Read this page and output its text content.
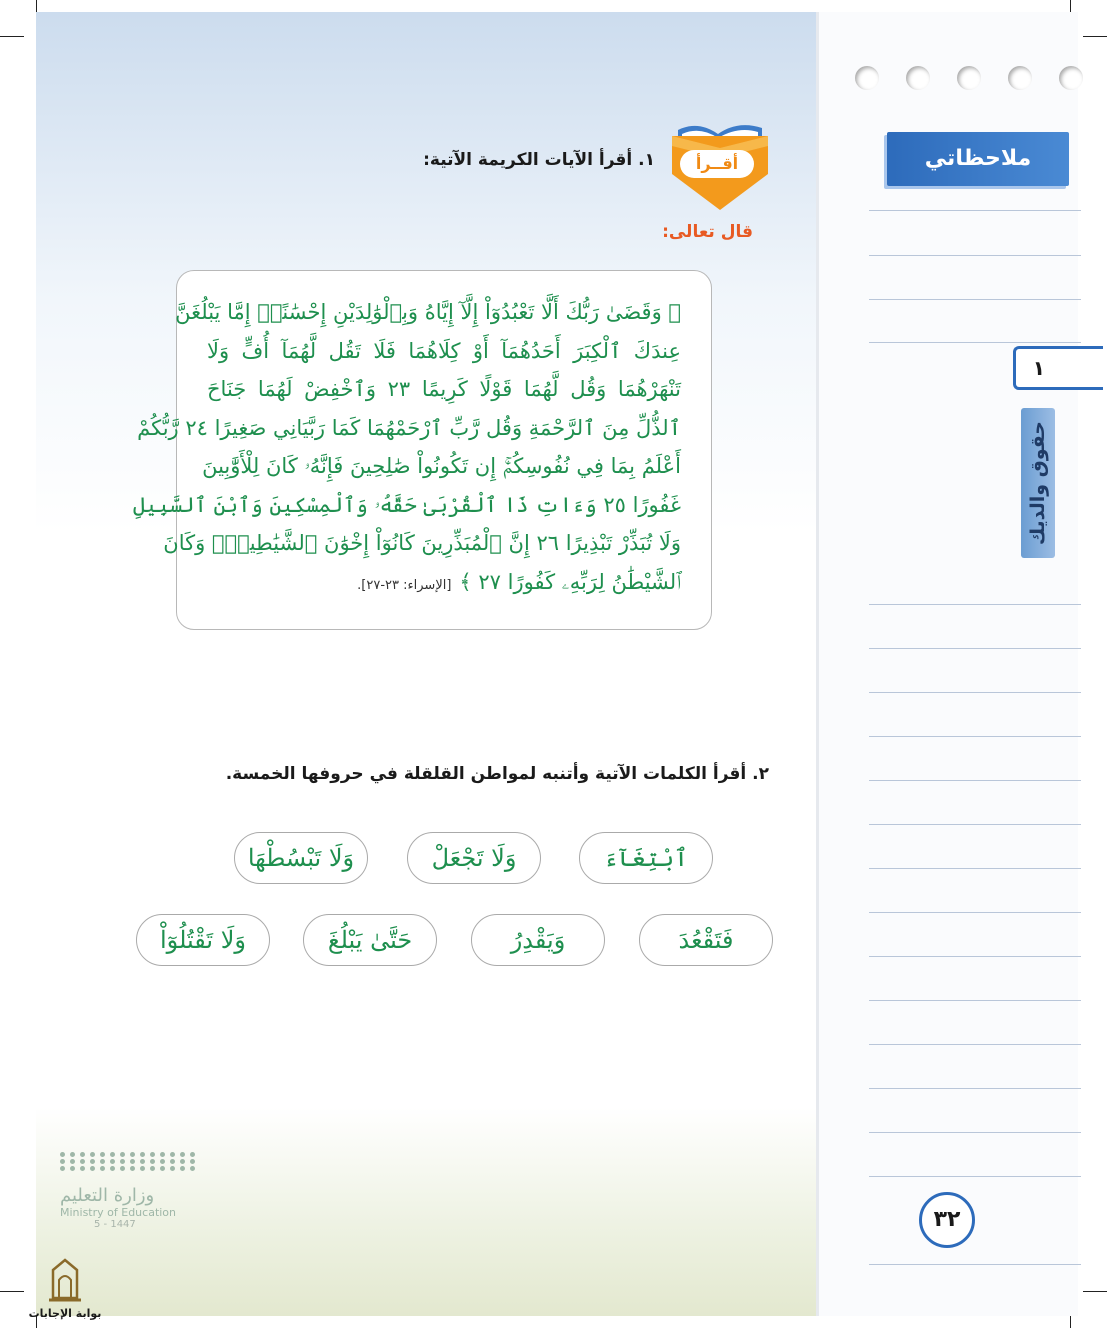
ملاحظاتي
١
حقوق والديك
٣٢
أقــرأ
١. أقرأ الآيات الكريمة الآتية:
قال تعالى:
﴿ وَقَضَىٰ رَبُّكَ أَلَّا تَعْبُدُوٓاْ إِلَّآ إِيَّاهُ وَبِٱلْوَٰلِدَيْنِ إِحْسَٰنًاۚ إِمَّا يَبْلُغَنَّ
عِندَكَ ٱلْكِبَرَ أَحَدُهُمَآ أَوْ كِلَاهُمَا فَلَا تَقُل لَّهُمَآ أُفٍّ وَلَا
تَنْهَرْهُمَا وَقُل لَّهُمَا قَوْلًا كَرِيمًا ٢٣ وَٱخْفِضْ لَهُمَا جَنَاحَ
ٱلذُّلِّ مِنَ ٱلرَّحْمَةِ وَقُل رَّبِّ ٱرْحَمْهُمَا كَمَا رَبَّيَانِي صَغِيرًا ٢٤ رَّبُّكُمْ
أَعْلَمُ بِمَا فِي نُفُوسِكُمْۚ إِن تَكُونُواْ صَٰلِحِينَ فَإِنَّهُۥ كَانَ لِلْأَوَّٰبِينَ
غَفُورًا ٢٥ وَءَاتِ ذَا ٱلْقُرْبَىٰ حَقَّهُۥ وَٱلْمِسْكِينَ وَٱبْنَ ٱلسَّبِيلِ
وَلَا تُبَذِّرْ تَبْذِيرًا ٢٦ إِنَّ ٱلْمُبَذِّرِينَ كَانُوٓاْ إِخْوَٰنَ ٱلشَّيَٰطِينِۖ وَكَانَ
ٱلشَّيْطَٰنُ لِرَبِّهِۦ كَفُورًا ٢٧ ﴾[الإسراء: ٢٣-٢٧].
٢. أقرأ الكلمات الآتية وأتنبه لمواطن القلقلة في حروفها الخمسة.
ٱبْتِغَآءَ
وَلَا تَجْعَلْ
وَلَا تَبْسُطْهَا
فَتَقْعُدَ
وَيَقْدِرُ
حَتَّىٰ يَبْلُغَ
وَلَا تَقْتُلُوٓاْ
وزارة التعليم
Ministry of Education
5 - 1447
بوابة الإجابات
